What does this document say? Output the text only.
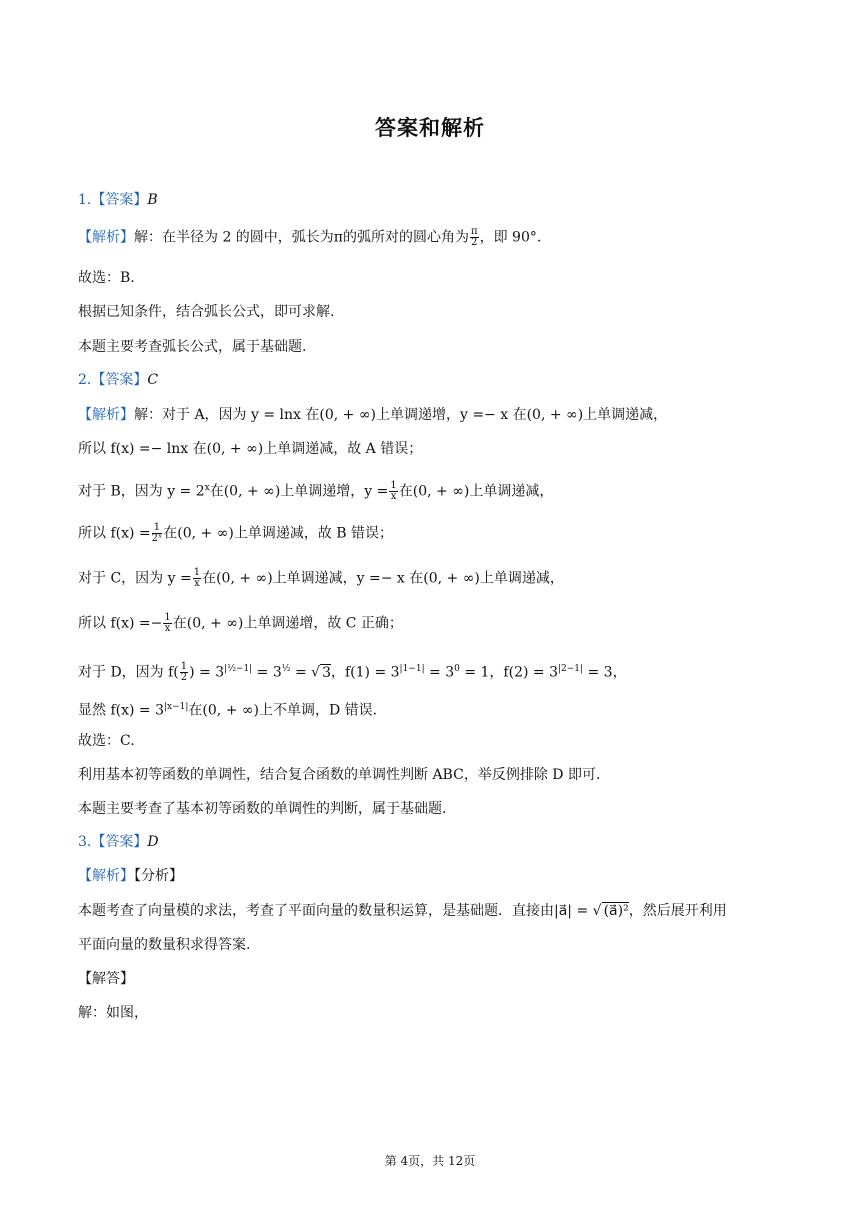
答案和解析
1.【答案】B
【解析】解：在半径为 2 的圆中，弧长为π的弧所对的圆心角为 $\frac{\pi}{2}$ ，即 90°.
故选：B.
根据已知条件，结合弧长公式，即可求解.
本题主要考查弧长公式，属于基础题.
2.【答案】C
【解析】解：对于 A，因为 y = lnx 在(0, + ∞)上单调递增，y =− x 在(0, + ∞)上单调递减，
所以 f(x) =− lnx 在(0, + ∞)上单调递减，故 A 错误；
对于 B，因为 $y = 2^x$在(0, + ∞)上单调递增，$y = \frac{1}{x}$ 在(0, + ∞)上单调递减，
所以 $f(x) = \frac{1}{\text{2ˣ}}$ 在(0, + ∞)上单调递减，故 B 错误；
对于 C，因为 $y = \frac{1}{x}$ 在(0, + ∞)上单调递减，y =− x 在(0, + ∞)上单调递减，
所以 $f(x) =- \frac{1}{x}$ 在(0, + ∞)上单调递增，故 C 正确；
对于 D，因为 $f( \frac{1}{2}$ ) = $3^{|\frac{1}{2}-1|} = 3^{\frac{1}{2}}$ = √ 3，$f(1) = 3^{|1-1|} = 3^0 = 1$，$f(2) = 3^{|2-1|} = 3$，
显然 $f(x) = 3^{|x-1|}$在(0, + ∞)上不单调，D 错误.
故选：C.
利用基本初等函数的单调性，结合复合函数的单调性判断 ABC，举反例排除 D 即可.
本题主要考查了基本初等函数的单调性的判断，属于基础题.
3.【答案】D
【解析】【分析】
本题考查了向量模的求法，考查了平面向量的数量积运算，是基础题．直接由|a⃗| = √ (a⃗)²，然后展开利用
平面向量的数量积求得答案.
【解答】
解：如图，
第 4页，共 12页
